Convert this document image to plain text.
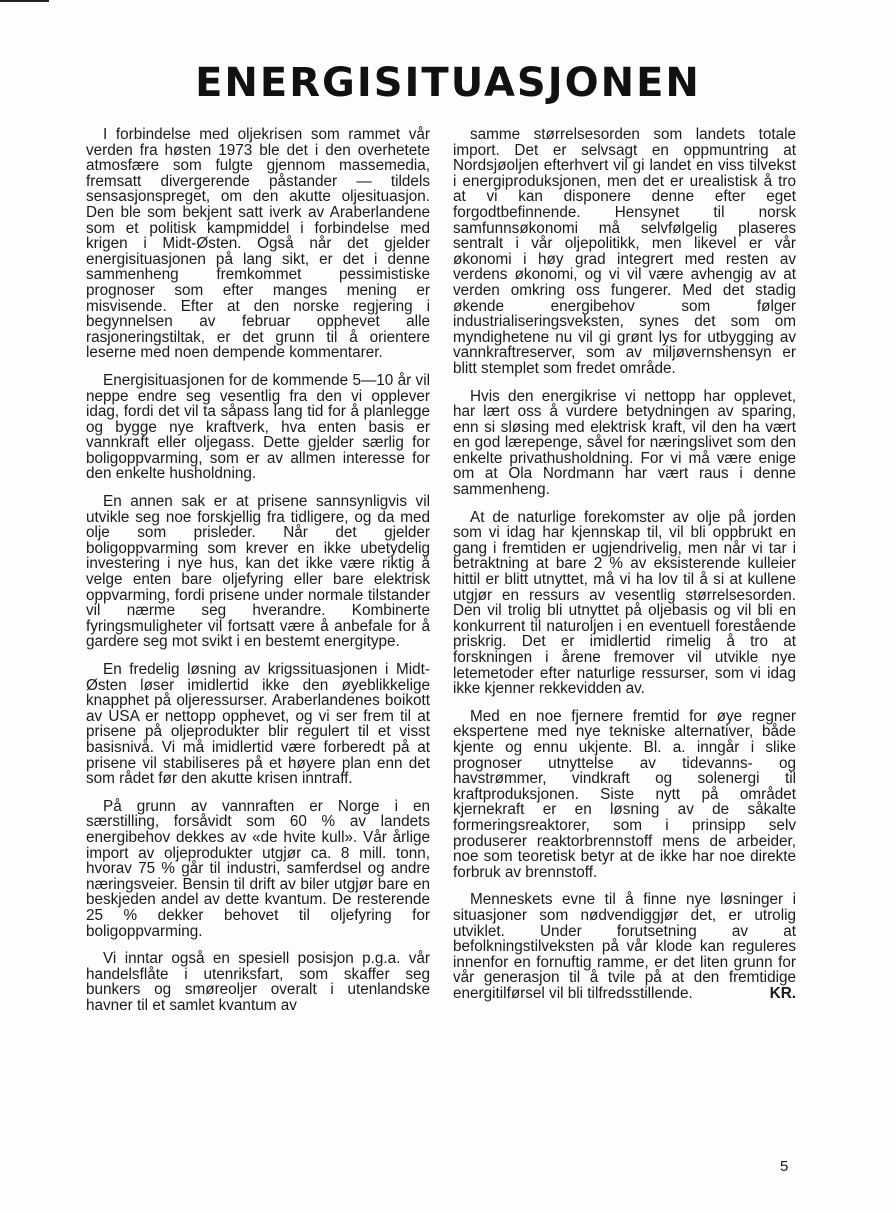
ENERGISITUASJONEN

I forbindelse med oljekrisen som rammet vår verden fra høsten 1973 ble det i den overhetete atmosfære som fulgte gjennom massemedia, fremsatt divergerende påstander — tildels sensasjonspreget, om den akutte oljesituasjon. Den ble som bekjent satt iverk av Araberlandene som et politisk kampmiddel i forbindelse med krigen i Midt-Østen. Også når det gjelder energisituasjonen på lang sikt, er det i denne sammenheng fremkommet pessimistiske prognoser som efter manges mening er misvisende. Efter at den norske regjering i begynnelsen av februar opphevet alle rasjoneringstiltak, er det grunn til å orientere leserne med noen dempende kommentarer.

Energisituasjonen for de kommende 5—10 år vil neppe endre seg vesentlig fra den vi opplever idag, fordi det vil ta såpass lang tid for å planlegge og bygge nye kraftverk, hva enten basis er vannkraft eller oljegass. Dette gjelder særlig for boligoppvarming, som er av allmen interesse for den enkelte husholdning.

En annen sak er at prisene sannsynligvis vil utvikle seg noe forskjellig fra tidligere, og da med olje som prisleder. Når det gjelder boligoppvarming som krever en ikke ubetydelig investering i nye hus, kan det ikke være riktig å velge enten bare oljefyring eller bare elektrisk oppvarming, fordi prisene under normale tilstander vil nærme seg hverandre. Kombinerte fyringsmuligheter vil fortsatt være å anbefale for å gardere seg mot svikt i en bestemt energitype.

En fredelig løsning av krigssituasjonen i Midt-Østen løser imidlertid ikke den øyeblikkelige knapphet på oljeressurser. Araberlandenes boikott av USA er nettopp opphevet, og vi ser frem til at prisene på oljeprodukter blir regulert til et visst basisnivå. Vi må imidlertid være forberedt på at prisene vil stabiliseres på et høyere plan enn det som rådet før den akutte krisen inntraff.

På grunn av vannraften er Norge i en særstilling, forsåvidt som 60 % av landets energibehov dekkes av «de hvite kull». Vår årlige import av oljeprodukter utgjør ca. 8 mill. tonn, hvorav 75 % går til industri, samferdsel og andre næringsveier. Bensin til drift av biler utgjør bare en beskjeden andel av dette kvantum. De resterende 25 % dekker behovet til oljefyring for boligoppvarming.

Vi inntar også en spesiell posisjon p.g.a. vår handelsflåte i utenriksfart, som skaffer seg bunkers og smøreoljer overalt i utenlandske havner til et samlet kvantum av

samme størrelsesorden som landets totale import. Det er selvsagt en oppmuntring at Nordsjøoljen efterhvert vil gi landet en viss tilvekst i energiproduksjonen, men det er urealistisk å tro at vi kan disponere denne efter eget forgodtbefinnende. Hensynet til norsk samfunnsøkonomi må selvfølgelig plaseres sentralt i vår oljepolitikk, men likevel er vår økonomi i høy grad integrert med resten av verdens økonomi, og vi vil være avhengig av at verden omkring oss fungerer. Med det stadig økende energibehov som følger industrialiseringsveksten, synes det som om myndighetene nu vil gi grønt lys for utbygging av vannkraftreserver, som av miljøvernshensyn er blitt stemplet som fredet område.

Hvis den energikrise vi nettopp har opplevet, har lært oss å vurdere betydningen av sparing, enn si sløsing med elektrisk kraft, vil den ha vært en god lærepenge, såvel for næringslivet som den enkelte privathusholdning. For vi må være enige om at Ola Nordmann har vært raus i denne sammenheng.

At de naturlige forekomster av olje på jorden som vi idag har kjennskap til, vil bli oppbrukt en gang i fremtiden er ugjendrivelig, men når vi tar i betraktning at bare 2 % av eksisterende kulleier hittil er blitt utnyttet, må vi ha lov til å si at kullene utgjør en ressurs av vesentlig størrelsesorden. Den vil trolig bli utnyttet på oljebasis og vil bli en konkurrent til naturoljen i en eventuell forestående priskrig. Det er imidlertid rimelig å tro at forskningen i årene fremover vil utvikle nye letemetoder efter naturlige ressurser, som vi idag ikke kjenner rekkevidden av.

Med en noe fjernere fremtid for øye regner ekspertene med nye tekniske alternativer, både kjente og ennu ukjente. Bl. a. inngår i slike prognoser utnyttelse av tidevanns- og havstrømmer, vindkraft og solenergi til kraftproduksjonen. Siste nytt på området kjernekraft er en løsning av de såkalte formeringsreaktorer, som i prinsipp selv produserer reaktorbrennstoff mens de arbeider, noe som teoretisk betyr at de ikke har noe direkte forbruk av brennstoff.

Menneskets evne til å finne nye løsninger i situasjoner som nødvendiggjør det, er utrolig utviklet. Under forutsetning av at befolkningstilveksten på vår klode kan reguleres innenfor en fornuftig ramme, er det liten grunn for vår generasjon til å tvile på at den fremtidige energitilførsel vil bli tilfredsstillende.	KR.

5
